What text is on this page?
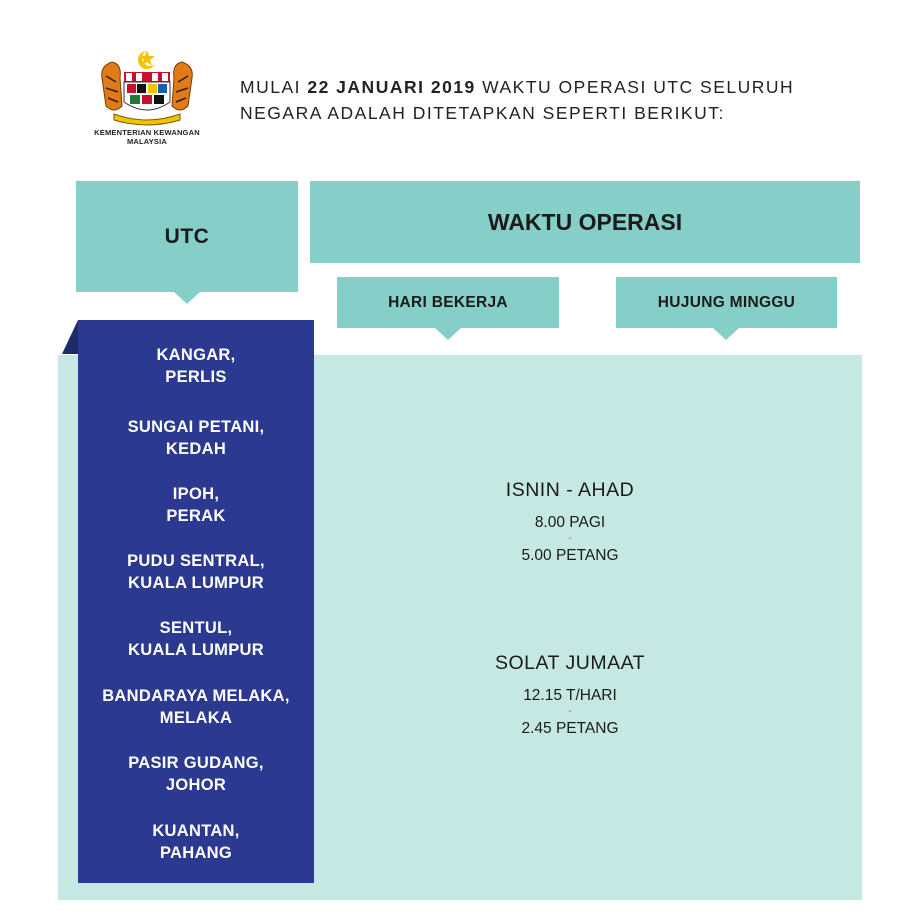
KEMENTERIAN KEWANGAN
MALAYSIA
MULAI 22 JANUARI 2019 WAKTU OPERASI UTC SELURUH
NEGARA ADALAH DITETAPKAN SEPERTI BERIKUT:
UTC
WAKTU OPERASI
HARI BEKERJA	HUJUNG MINGGU
KANGAR,
PERLIS
SUNGAI PETANI,
KEDAH
IPOH,
PERAK
PUDU SENTRAL,
KUALA LUMPUR
SENTUL,
KUALA LUMPUR
BANDARAYA MELAKA,
MELAKA
PASIR GUDANG,
JOHOR
KUANTAN,
PAHANG
ISNIN - AHAD
8.00 PAGI
-
5.00 PETANG
SOLAT JUMAAT
12.15 T/HARI
-
2.45 PETANG
